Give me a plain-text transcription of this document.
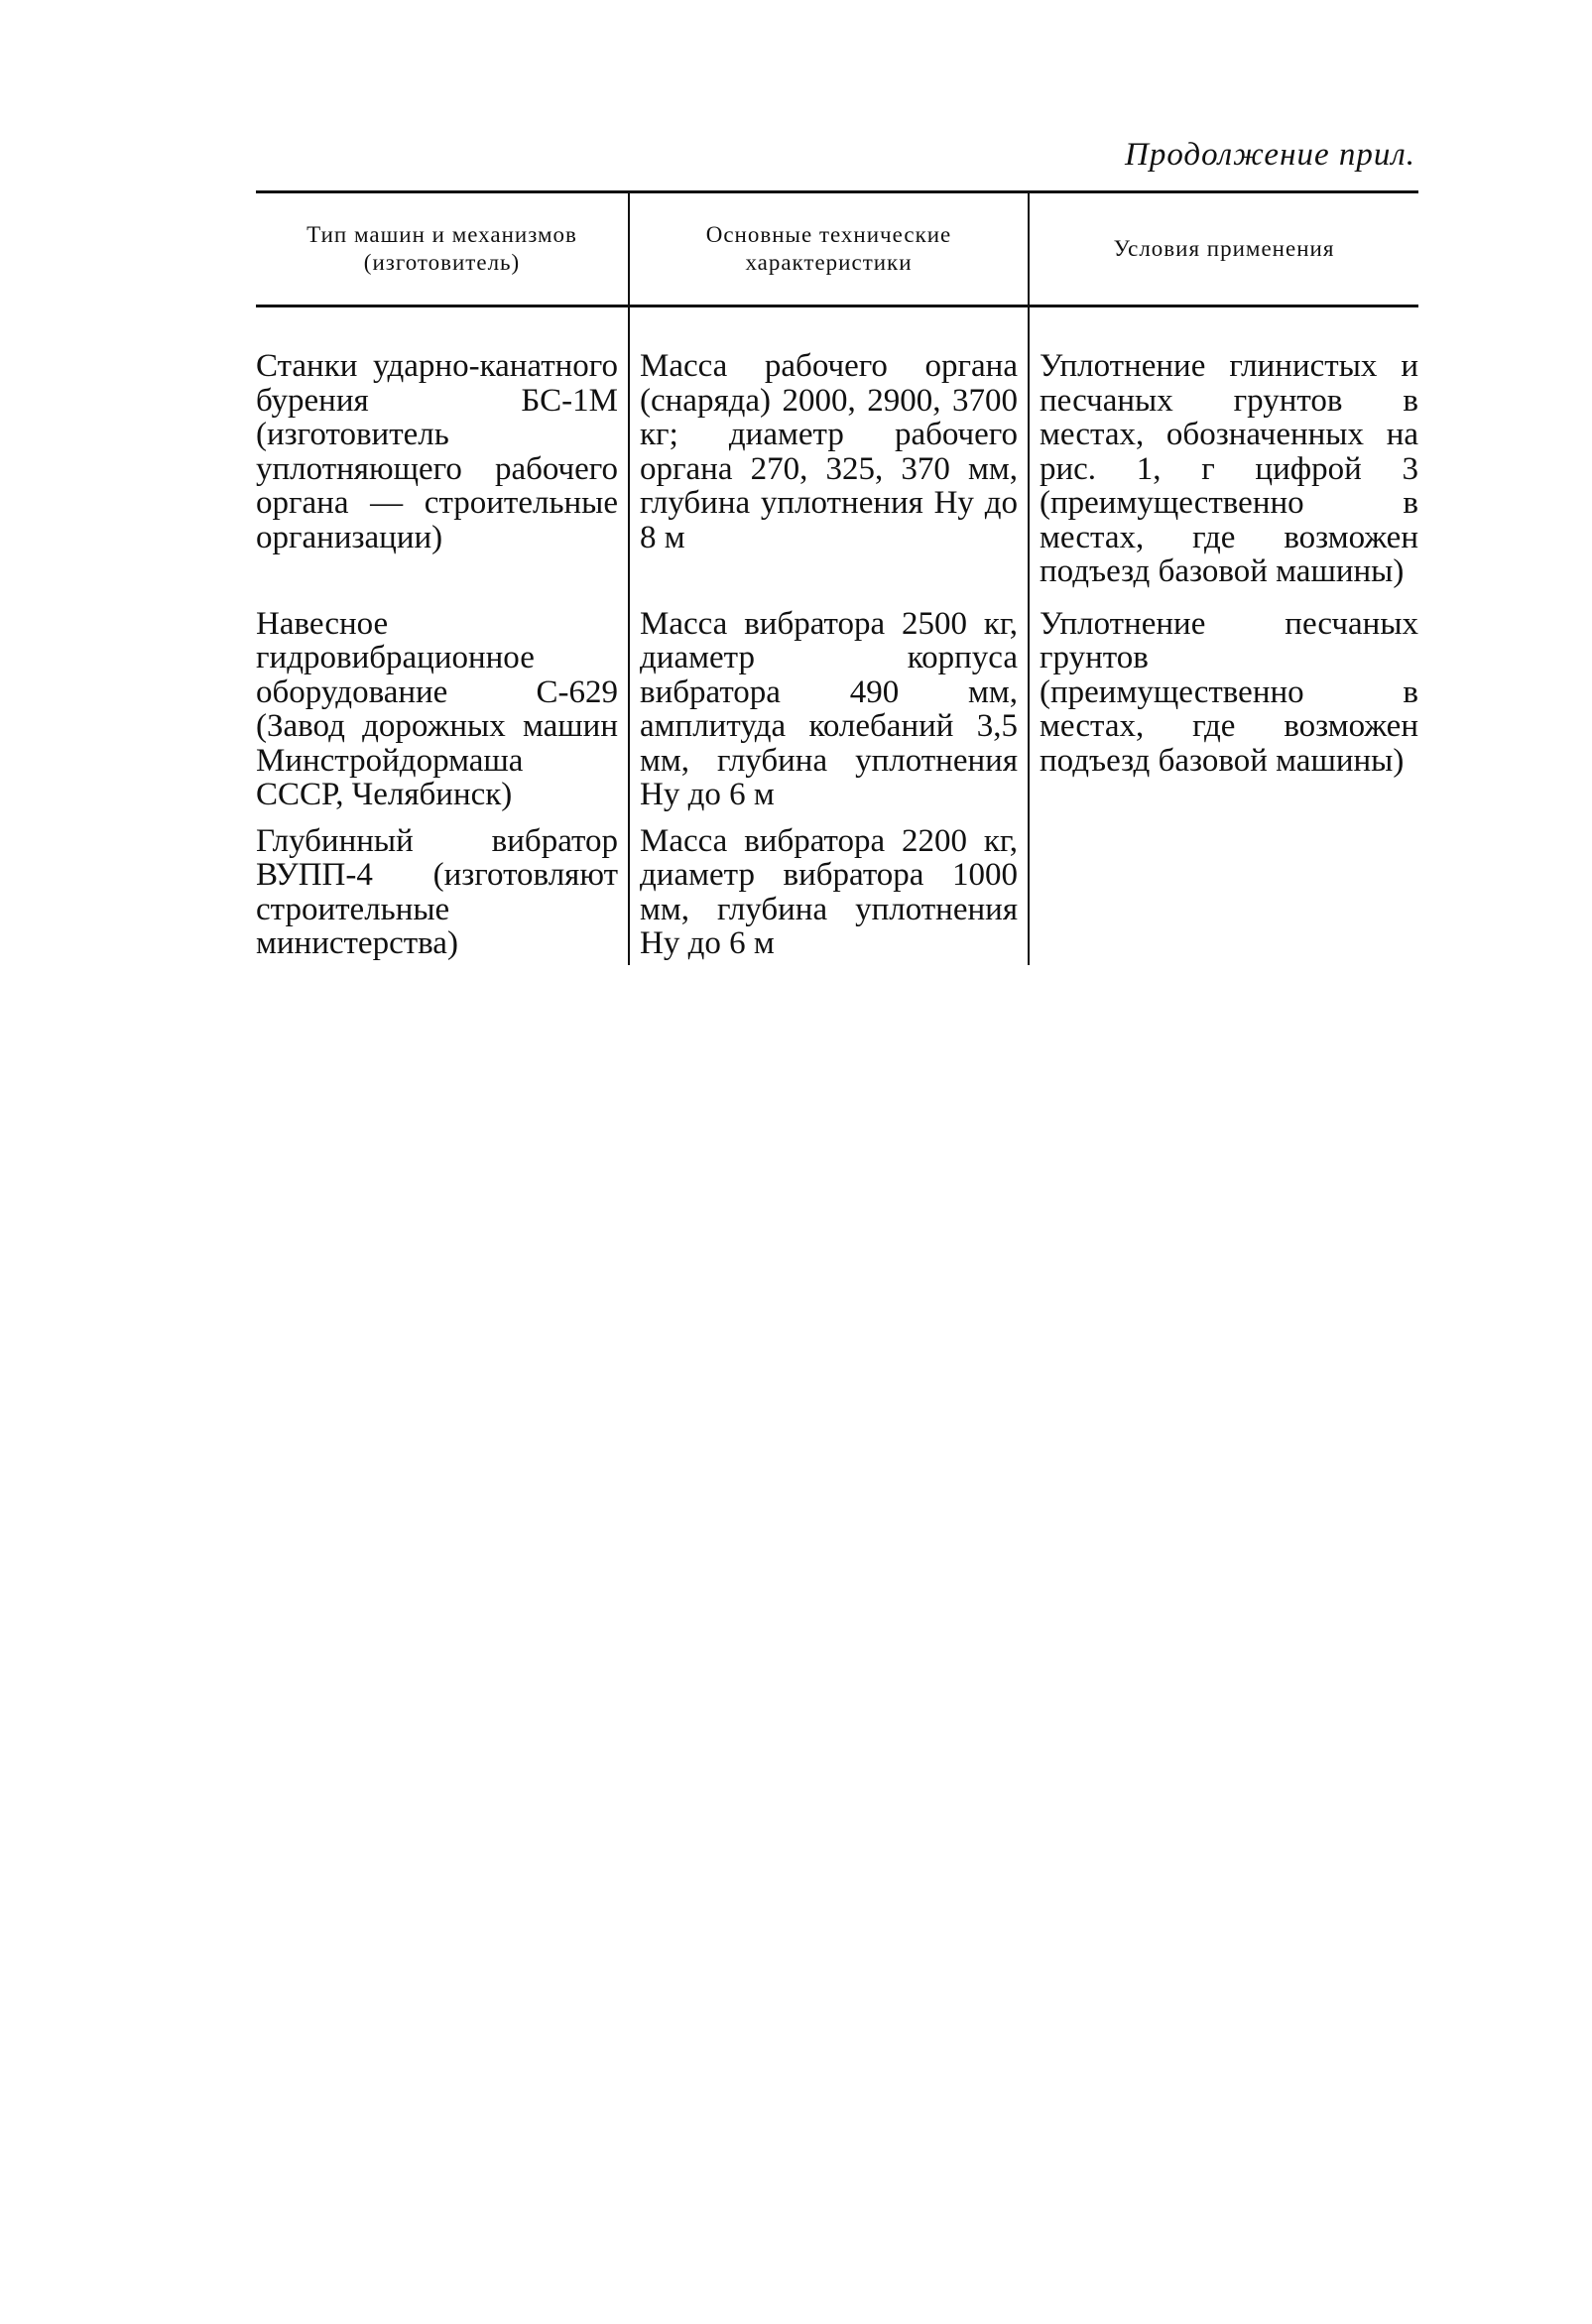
Продолжение прил.
Тип машин и механизмов (изготовитель)	Основные технические характеристики	Условия применения
Станки ударно-канатного бурения БС-1М (изготовитель уплотняющего рабочего органа — строительные организации)	Масса рабочего органа (снаряда) 2000, 2900, 3700 кг; диаметр рабочего органа 270, 325, 370 мм, глубина уплотнения Hу до 8 м	Уплотнение глинистых и песчаных грунтов в местах, обозначенных на рис. 1, г цифрой 3 (преимущественно в местах, где возможен подъезд базовой машины)
Навесное гидровибрационное оборудование С-629 (Завод дорожных машин Минстройдормаша СССР, Челябинск)	Масса вибратора 2500 кг, диаметр корпуса вибратора 490 мм, амплитуда колебаний 3,5 мм, глубина уплотнения Hу до 6 м	Уплотнение песчаных грунтов (преимущественно в местах, где возможен подъезд базовой машины)
Глубинный вибратор ВУПП-4 (изготовляют строительные министерства)	Масса вибратора 2200 кг, диаметр вибратора 1000 мм, глубина уплотнения Hу до 6 м	
